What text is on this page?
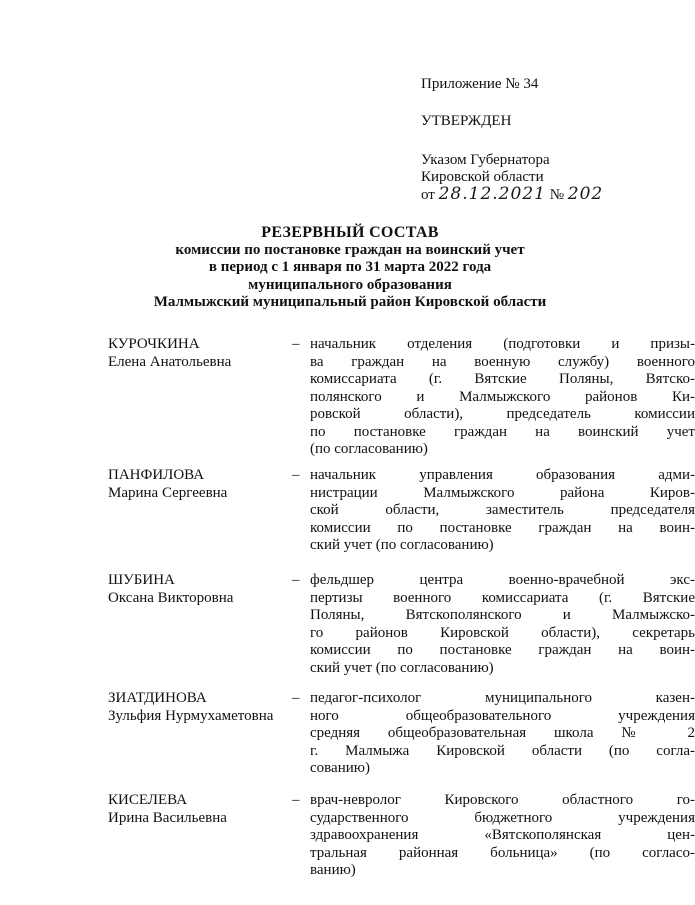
Приложение № 34
УТВЕРЖДЕН
Указом Губернатора
Кировской области
от 28.12.2021 № 202
РЕЗЕРВНЫЙ СОСТАВ
комиссии по постановке граждан на воинский учет
в период с 1 января по 31 марта 2022 года
муниципального образования
Малмыжский муниципальный район Кировской области
КУРОЧКИНА
Елена Анатольевна
– начальник отделения (подготовки и призы-
ва граждан на военную службу) военного
комиссариата (г. Вятские Поляны, Вятско-
полянского и Малмыжского районов Ки-
ровской области), председатель комиссии
по постановке граждан на воинский учет
(по согласованию)
ПАНФИЛОВА
Марина Сергеевна
– начальник управления образования адми-
нистрации Малмыжского района Киров-
ской области, заместитель председателя
комиссии по постановке граждан на воин-
ский учет (по согласованию)
ШУБИНА
Оксана Викторовна
– фельдшер центра военно-врачебной экс-
пертизы военного комиссариата (г. Вятские
Поляны, Вятскополянского и Малмыжско-
го районов Кировской области), секретарь
комиссии по постановке граждан на воин-
ский учет (по согласованию)
ЗИАТДИНОВА
Зульфия Нурмухаметовна
– педагог-психолог муниципального казен-
ного общеобразовательного учреждения
средняя общеобразовательная школа № 2
г. Малмыжа Кировской области (по согла-
сованию)
КИСЕЛЕВА
Ирина Васильевна
– врач-невролог Кировского областного го-
сударственного бюджетного учреждения
здравоохранения «Вятскополянская цен-
тральная районная больница» (по согласо-
ванию)
